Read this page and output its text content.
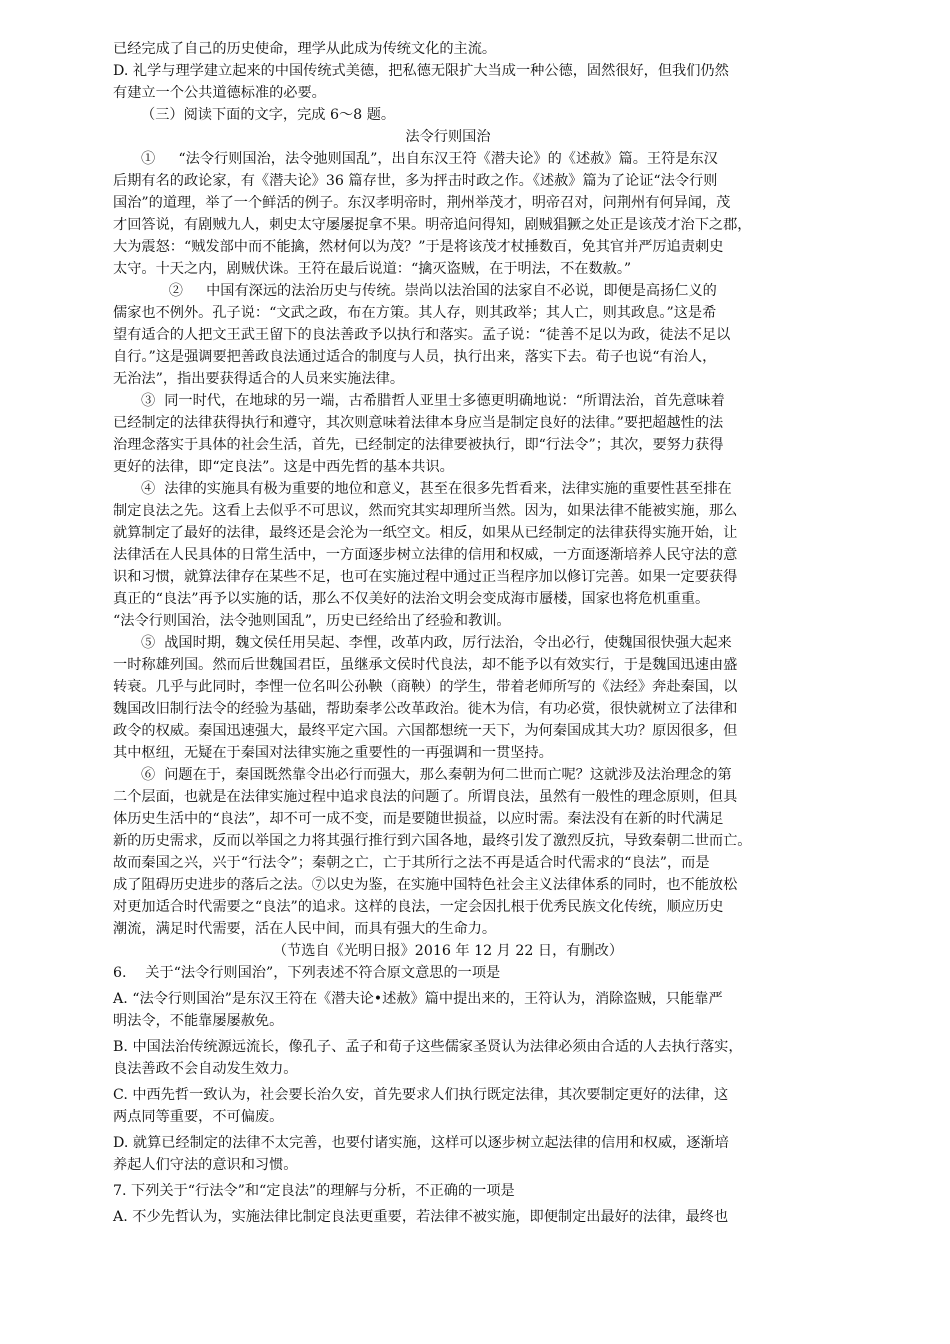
已经完成了自己的历史使命，理学从此成为传统文化的主流。
D. 礼学与理学建立起来的中国传统式美德，把私德无限扩大当成一种公德，固然很好，但我们仍然
有建立一个公共道德标准的必要。
（三）阅读下面的文字，完成 6～8 题。
法令行则国治
①　  “法令行则国治，法令弛则国乱”，出自东汉王符《潜夫论》的《述赦》篇。王符是东汉
后期有名的政论家，有《潜夫论》36 篇存世，多为抨击时政之作。《述赦》篇为了论证“法令行则
国治”的道理，举了一个鲜活的例子。东汉孝明帝时，荆州举茂才，明帝召对，问荆州有何异闻，茂
才回答说，有剧贼九人，刺史太守屡屡捉拿不果。明帝追问得知，剧贼猖獗之处正是该茂才治下之郡，
大为震怒：“贼发部中而不能擒，然材何以为茂？”于是将该茂才杖捶数百，免其官并严厉追责刺史
太守。十天之内，剧贼伏诛。王符在最后说道：“擒灭盗贼，在于明法，不在数赦。”
　   ②　  中国有深远的法治历史与传统。崇尚以法治国的法家自不必说，即便是高扬仁义的
儒家也不例外。孔子说：“文武之政，布在方策。其人存，则其政举；其人亡，则其政息。”这是希
望有适合的人把文王武王留下的良法善政予以执行和落实。孟子说：“徒善不足以为政，徒法不足以
自行。”这是强调要把善政良法通过适合的制度与人员，执行出来，落实下去。荀子也说“有治人，
无治法”，指出要获得适合的人员来实施法律。
③  同一时代，在地球的另一端，古希腊哲人亚里士多德更明确地说：“所谓法治，首先意味着
已经制定的法律获得执行和遵守，其次则意味着法律本身应当是制定良好的法律。”要把超越性的法
治理念落实于具体的社会生活，首先，已经制定的法律要被执行，即“行法令”；其次，要努力获得
更好的法律，即“定良法”。这是中西先哲的基本共识。
④  法律的实施具有极为重要的地位和意义，甚至在很多先哲看来，法律实施的重要性甚至排在
制定良法之先。这看上去似乎不可思议，然而究其实却理所当然。因为，如果法律不能被实施，那么
就算制定了最好的法律，最终还是会沦为一纸空文。相反，如果从已经制定的法律获得实施开始，让
法律活在人民具体的日常生活中，一方面逐步树立法律的信用和权威，一方面逐渐培养人民守法的意
识和习惯，就算法律存在某些不足，也可在实施过程中通过正当程序加以修订完善。如果一定要获得
真正的“良法”再予以实施的话，那么不仅美好的法治文明会变成海市蜃楼，国家也将危机重重。
“法令行则国治，法令弛则国乱”，历史已经给出了经验和教训。
⑤  战国时期，魏文侯任用吴起、李悝，改革内政，厉行法治，令出必行，使魏国很快强大起来
一时称雄列国。然而后世魏国君臣，虽继承文侯时代良法，却不能予以有效实行，于是魏国迅速由盛
转衰。几乎与此同时，李悝一位名叫公孙鞅（商鞅）的学生，带着老师所写的《法经》奔赴秦国，以
魏国改旧制行法令的经验为基础，帮助秦孝公改革政治。徙木为信，有功必赏，很快就树立了法律和
政令的权威。秦国迅速强大，最终平定六国。六国都想统一天下，为何秦国成其大功？原因很多，但
其中枢纽，无疑在于秦国对法律实施之重要性的一再强调和一贯坚持。
⑥  问题在于，秦国既然靠令出必行而强大，那么秦朝为何二世而亡呢？这就涉及法治理念的第
二个层面，也就是在法律实施过程中追求良法的问题了。所谓良法，虽然有一般性的理念原则，但具
体历史生活中的“良法”，却不可一成不变，而是要随世损益，以应时需。秦法没有在新的时代满足
新的历史需求，反而以举国之力将其强行推行到六国各地，最终引发了激烈反抗，导致秦朝二世而亡。
故而秦国之兴，兴于“行法令”；秦朝之亡，亡于其所行之法不再是适合时代需求的“良法”，而是
成了阻碍历史进步的落后之法。⑦以史为鉴，在实施中国特色社会主义法律体系的同时，也不能放松
对更加适合时代需要之“良法”的追求。这样的良法，一定会因扎根于优秀民族文化传统，顺应历史
潮流，满足时代需要，活在人民中间，而具有强大的生命力。
（节选自《光明日报》2016 年 12 月 22 日，有删改）
6.　 关于“法令行则国治”，下列表述不符合原文意思的一项是
A. “法令行则国治”是东汉王符在《潜夫论•述赦》篇中提出来的，王符认为，消除盗贼，只能靠严
明法令，不能靠屡屡赦免。
B. 中国法治传统源远流长，像孔子、孟子和荀子这些儒家圣贤认为法律必须由合适的人去执行落实，
良法善政不会自动发生效力。
C. 中西先哲一致认为，社会要长治久安，首先要求人们执行既定法律，其次要制定更好的法律，这
两点同等重要，不可偏废。
D. 就算已经制定的法律不太完善，也要付诸实施，这样可以逐步树立起法律的信用和权威，逐渐培
养起人们守法的意识和习惯。
7. 下列关于“行法令”和“定良法”的理解与分析，不正确的一项是
A. 不少先哲认为，实施法律比制定良法更重要，若法律不被实施，即便制定出最好的法律，最终也
